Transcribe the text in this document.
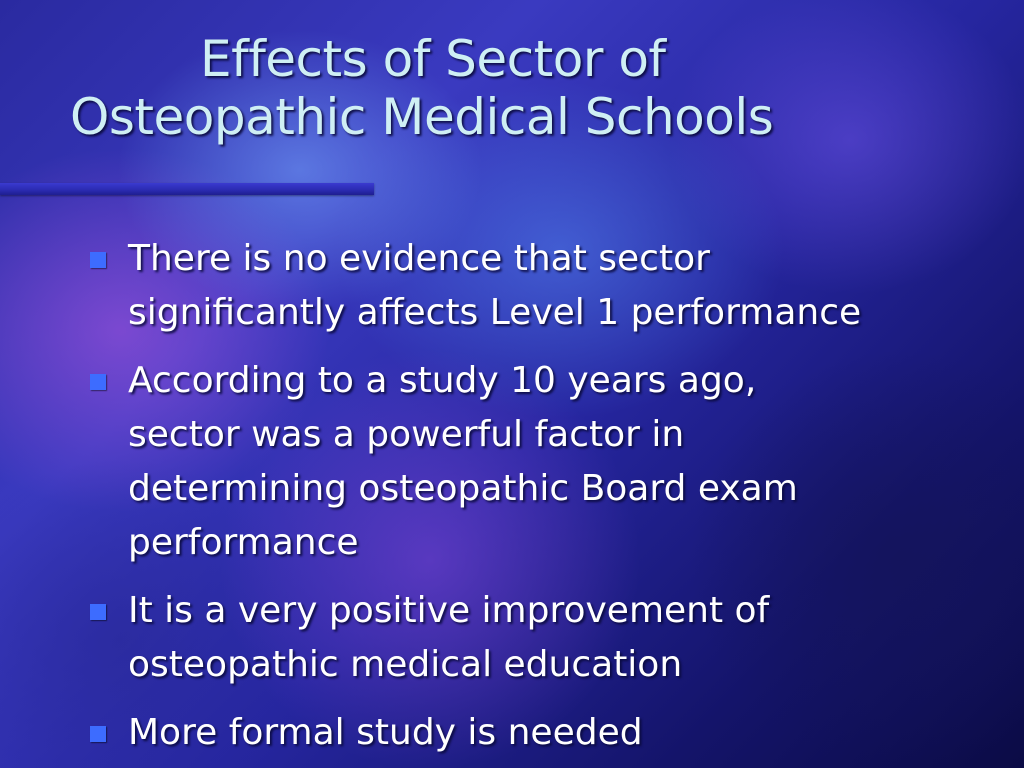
Effects of Sector of
Osteopathic Medical Schools
There is no evidence that sector
significantly affects Level 1 performance
According to a study 10 years ago,
sector was a powerful factor in
determining osteopathic Board exam
performance
It is a very positive improvement of
osteopathic medical education
More formal study is needed
